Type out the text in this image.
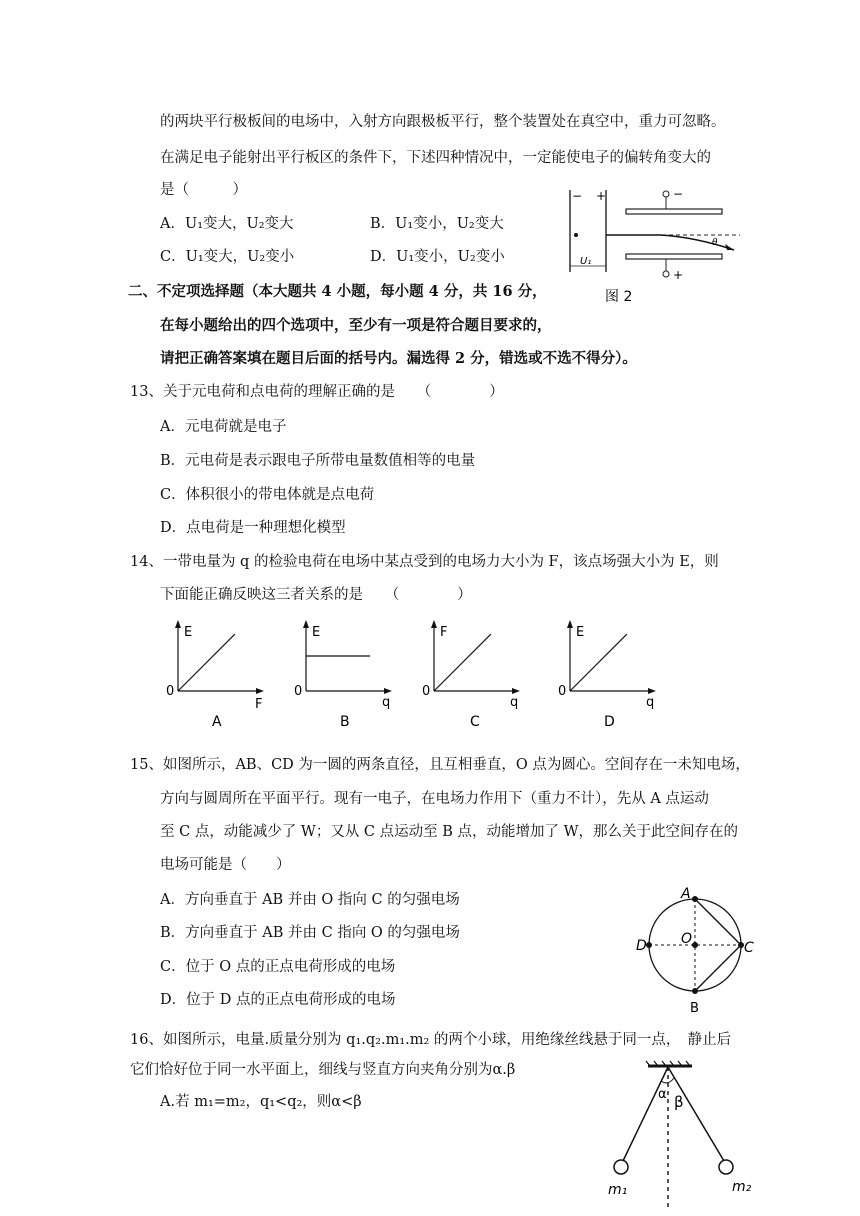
的两块平行极板间的电场中，入射方向跟极板平行，整个装置处在真空中，重力可忽略。
在满足电子能射出平行板区的条件下，下述四种情况中，一定能使电子的偏转角变大的
是（　　　）
A．U₁变大，U₂变大	B．U₁变小，U₂变大
C．U₁变大，U₂变小	D．U₁变小，U₂变小
− +
U₁
−
+
θ
图 2
二、不定项选择题（本大题共 4 小题，每小题 4 分，共 16 分，
在每小题给出的四个选项中，至少有一项是符合题目要求的，
请把正确答案填在题目后面的括号内。漏选得 2 分，错选或不选不得分）。
13、关于元电荷和点电荷的理解正确的是　　（　　　　）
A．元电荷就是电子
B．元电荷是表示跟电子所带电量数值相等的电量
C．体积很小的带电体就是点电荷
D．点电荷是一种理想化模型
14、一带电量为 q 的检验电荷在电场中某点受到的电场力大小为 F，该点场强大小为 E，则
下面能正确反映这三者关系的是　　（　　　　）
E
0
F
A
E
0
q
B
F
0
q
C
E
0
q
D
15、如图所示，AB、CD 为一圆的两条直径，且互相垂直，O 点为圆心。空间存在一未知电场，
方向与圆周所在平面平行。现有一电子，在电场力作用下（重力不计），先从 A 点运动
至 C 点，动能减少了 W；又从 C 点运动至 B 点，动能增加了 W，那么关于此空间存在的
电场可能是（　　）
A．方向垂直于 AB 并由 O 指向 C 的匀强电场
B．方向垂直于 AB 并由 C 指向 O 的匀强电场
C．位于 O 点的正点电荷形成的电场
D．位于 D 点的正点电荷形成的电场
A
D O
C
B
16、如图所示，电量.质量分别为 q₁.q₂.m₁.m₂ 的两个小球，用绝缘丝线悬于同一点，　静止后
它们恰好位于同一水平面上，细线与竖直方向夹角分别为α.β
A.若 m₁=m₂，q₁<q₂，则α<β	α β
m₁	m₂
